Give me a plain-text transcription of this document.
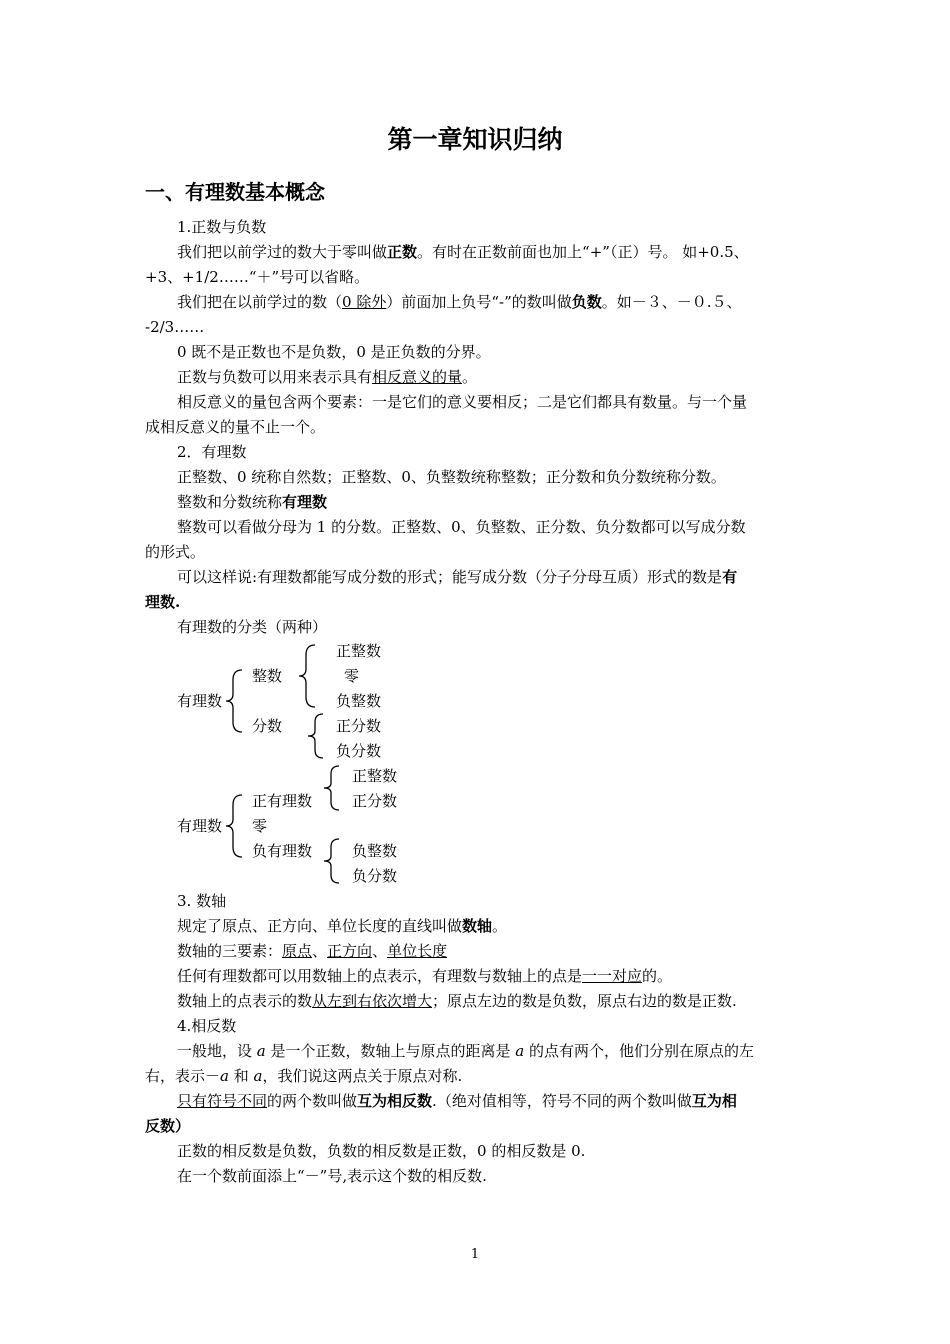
第一章知识归纳
一、有理数基本概念
1.正数与负数
我们把以前学过的数大于零叫做正数。有时在正数前面也加上“+”（正）号。 如+0.5、
+3、+1/2……“＋”号可以省略。
我们把在以前学过的数（0 除外）前面加上负号“-”的数叫做负数。如－３、－０.５、
-2/3……
0 既不是正数也不是负数，0 是正负数的分界。
正数与负数可以用来表示具有相反意义的量。
相反意义的量包含两个要素：一是它们的意义要相反；二是它们都具有数量。与一个量
成相反意义的量不止一个。
2．有理数
正整数、0 统称自然数；正整数、0、负整数统称整数；正分数和负分数统称分数。
整数和分数统称有理数
整数可以看做分母为 1 的分数。正整数、0、负整数、正分数、负分数都可以写成分数
的形式。
可以这样说:有理数都能写成分数的形式；能写成分数（分子分母互质）形式的数是有
理数.
有理数的分类（两种）
有理数
整数
分数
正整数
零
负整数
正分数
负分数
有理数
正有理数
零
负有理数
正整数
正分数
负整数
负分数
3. 数轴
规定了原点、正方向、单位长度的直线叫做数轴。
数轴的三要素：原点、正方向、单位长度
任何有理数都可以用数轴上的点表示，有理数与数轴上的点是一一对应的。
数轴上的点表示的数从左到右依次增大；原点左边的数是负数，原点右边的数是正数.
4.相反数
一般地，设 a 是一个正数，数轴上与原点的距离是 a 的点有两个，他们分别在原点的左
右，表示－a 和 a，我们说这两点关于原点对称.
只有符号不同的两个数叫做互为相反数.（绝对值相等，符号不同的两个数叫做互为相
反数）
正数的相反数是负数，负数的相反数是正数，0 的相反数是 0.
在一个数前面添上“－”号,表示这个数的相反数.
1
